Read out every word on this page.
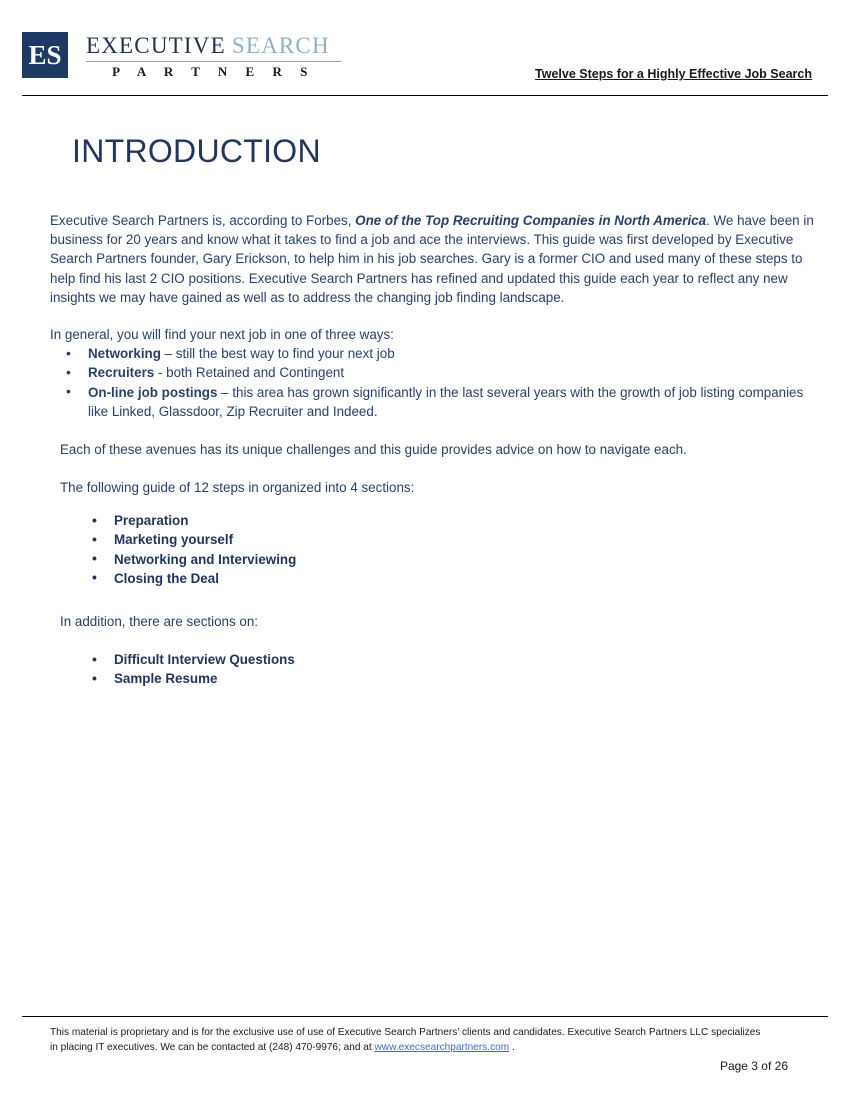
ES EXECUTIVE SEARCH
P A R T N E R S	Twelve Steps for a Highly Effective Job Search
INTRODUCTION
Executive Search Partners is, according to Forbes, One of the Top Recruiting Companies in North America. We have been in business for 20 years and know what it takes to find a job and ace the interviews. This guide was first developed by Executive Search Partners founder, Gary Erickson, to help him in his job searches. Gary is a former CIO and used many of these steps to help find his last 2 CIO positions. Executive Search Partners has refined and updated this guide each year to reflect any new insights we may have gained as well as to address the changing job finding landscape.
In general, you will find your next job in one of three ways:
• Networking – still the best way to find your next job
• Recruiters - both Retained and Contingent
• On-line job postings – this area has grown significantly in the last several years with the growth of job listing companies like Linked, Glassdoor, Zip Recruiter and Indeed.
Each of these avenues has its unique challenges and this guide provides advice on how to navigate each.
The following guide of 12 steps in organized into 4 sections:
• Preparation
• Marketing yourself
• Networking and Interviewing
• Closing the Deal
In addition, there are sections on:
• Difficult Interview Questions
• Sample Resume
This material is proprietary and is for the exclusive use of use of Executive Search Partners’ clients and candidates. Executive Search Partners LLC specializes in placing IT executives. We can be contacted at (248) 470-9976; and at www.execsearchpartners.com .
Page 3 of 26
